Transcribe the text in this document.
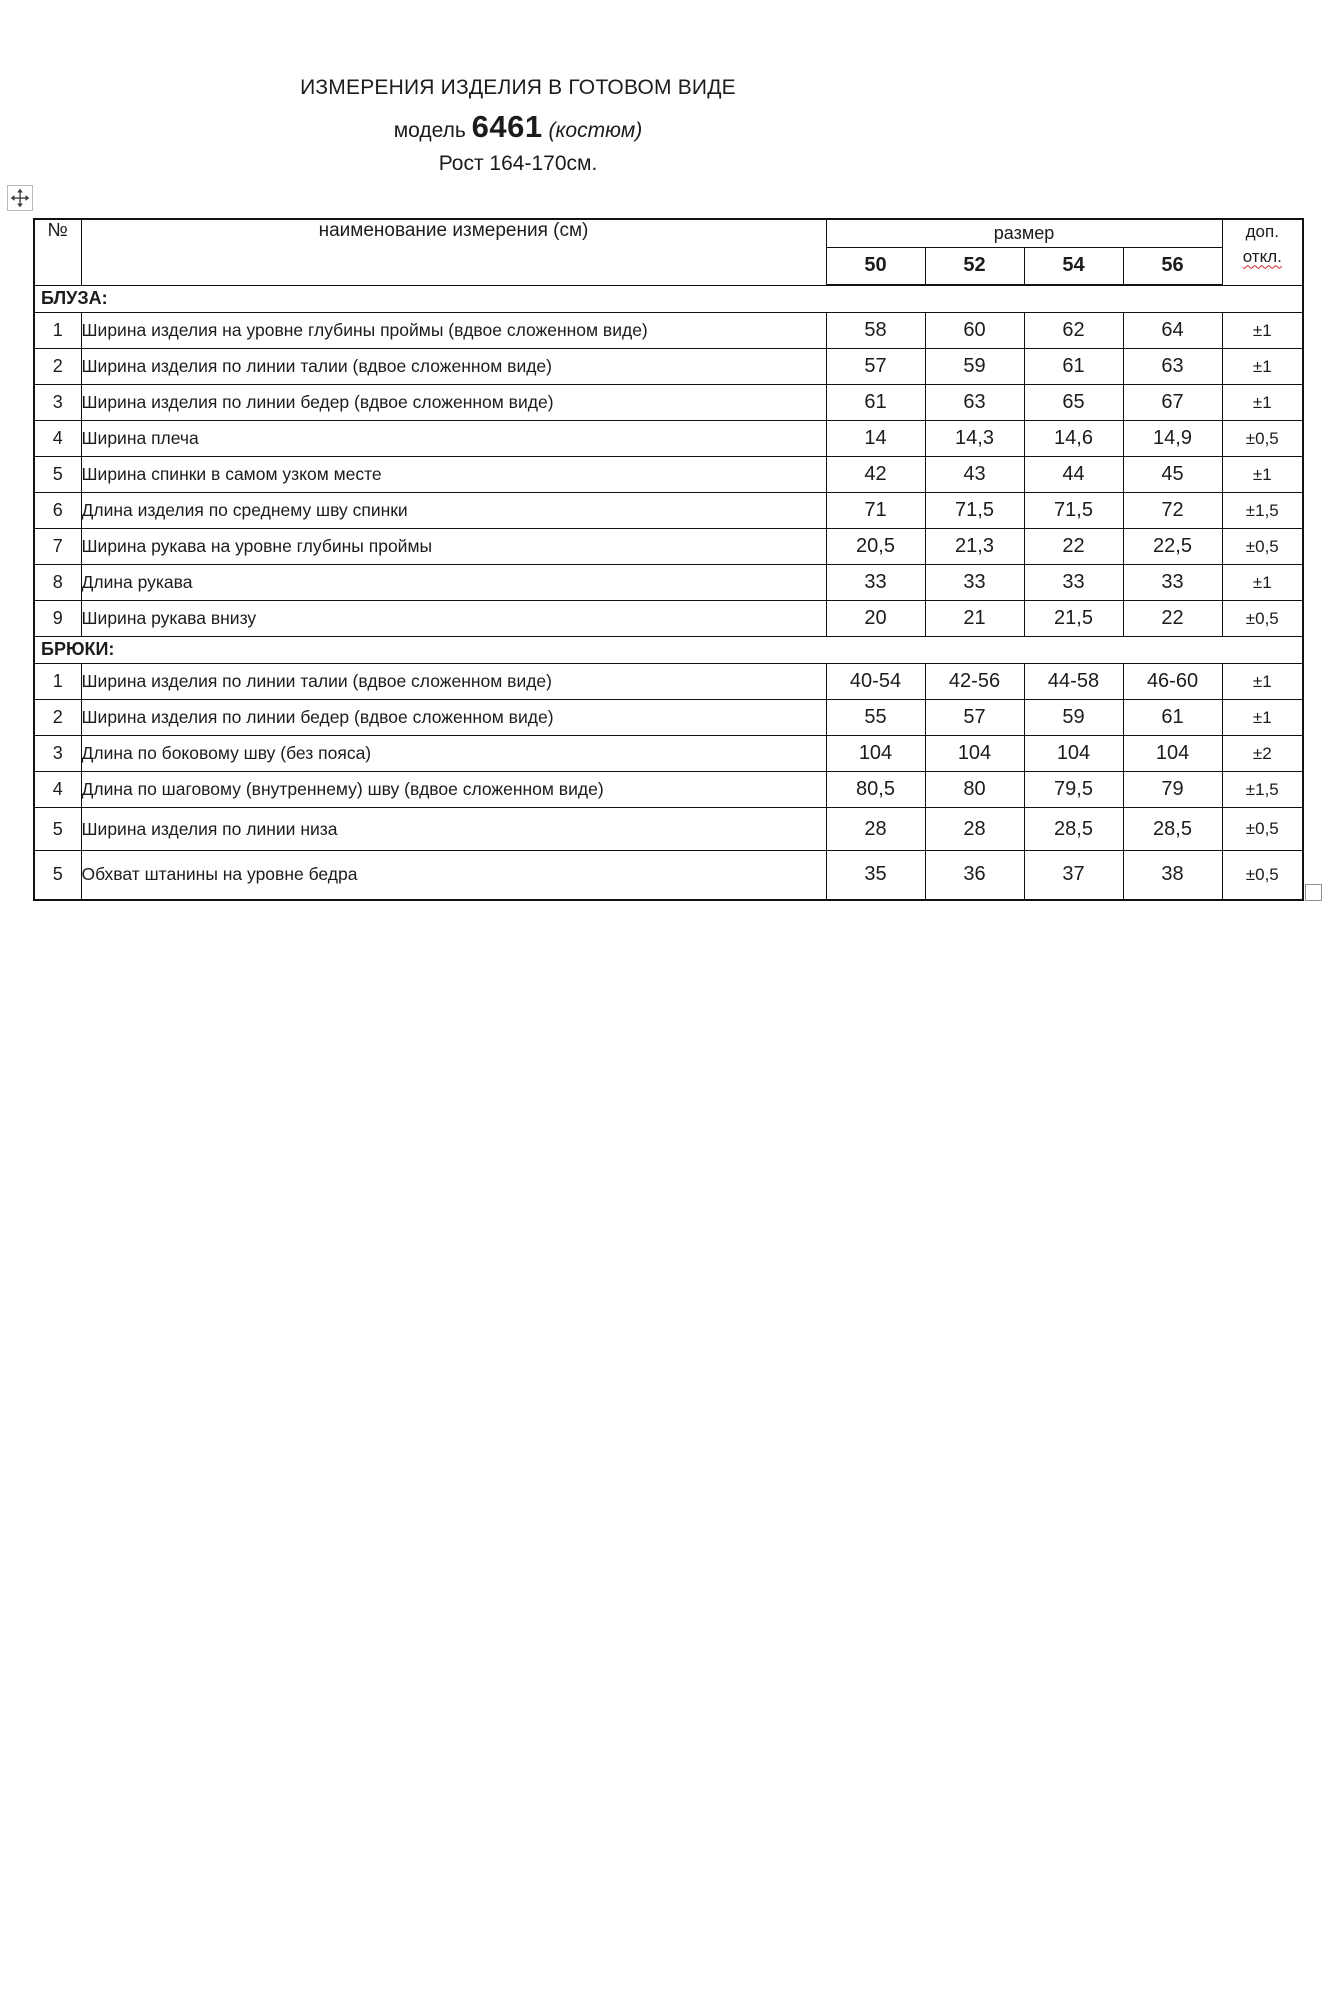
ИЗМЕРЕНИЯ ИЗДЕЛИЯ В ГОТОВОМ ВИДЕ
модель 6461 (костюм)
Рост 164-170см.
№	наименование измерения (см)	размер				доп.
откл.

		50	52	54	56	
БЛУЗА:						
1	Ширина изделия на уровне глубины проймы (вдвое сложенном виде)	58	60	62	64	±1
2	Ширина изделия по линии талии (вдвое сложенном виде)	57	59	61	63	±1
3	Ширина изделия по линии бедер (вдвое сложенном виде)	61	63	65	67	±1
4	Ширина плеча	14	14,3	14,6	14,9	±0,5
5	Ширина спинки в самом узком месте	42	43	44	45	±1
6	Длина изделия по среднему шву спинки	71	71,5	71,5	72	±1,5
7	Ширина рукава на уровне глубины проймы	20,5	21,3	22	22,5	±0,5
8	Длина рукава	33	33	33	33	±1
9	Ширина рукава внизу	20	21	21,5	22	±0,5
БРЮКИ:						
1	Ширина изделия по линии талии (вдвое сложенном виде)	40-54	42-56	44-58	46-60	±1
2	Ширина изделия по линии бедер (вдвое сложенном виде)	55	57	59	61	±1
3	Длина по боковому шву (без пояса)	104	104	104	104	±2
4	Длина по шаговому (внутреннему) шву (вдвое сложенном виде)	80,5	80	79,5	79	±1,5
5	Ширина изделия по линии низа	28	28	28,5	28,5	±0,5
5	Обхват штанины на уровне бедра	35	36	37	38	±0,5
